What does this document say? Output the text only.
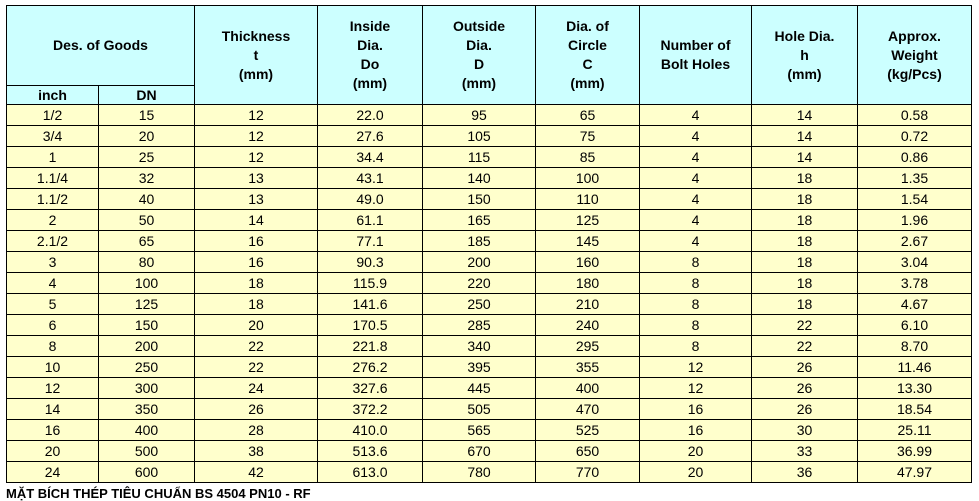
Des. of Goods		Thickness
t
(mm)	Inside
Dia.
Do
(mm)	Outside
Dia.
D
(mm)	Dia. of
Circle
C
(mm)	Number of
Bolt Holes	Hole Dia.
h
(mm)	Approx.
Weight
(kg/Pcs)
inch	DN							
1/2	15	12	22.0	95	65	4	14	0.58
3/4	20	12	27.6	105	75	4	14	0.72
1	25	12	34.4	115	85	4	14	0.86
1.1/4	32	13	43.1	140	100	4	18	1.35
1.1/2	40	13	49.0	150	110	4	18	1.54
2	50	14	61.1	165	125	4	18	1.96
2.1/2	65	16	77.1	185	145	4	18	2.67
3	80	16	90.3	200	160	8	18	3.04
4	100	18	115.9	220	180	8	18	3.78
5	125	18	141.6	250	210	8	18	4.67
6	150	20	170.5	285	240	8	22	6.10
8	200	22	221.8	340	295	8	22	8.70
10	250	22	276.2	395	355	12	26	11.46
12	300	24	327.6	445	400	12	26	13.30
14	350	26	372.2	505	470	16	26	18.54
16	400	28	410.0	565	525	16	30	25.11
20	500	38	513.6	670	650	20	33	36.99
24	600	42	613.0	780	770	20	36	47.97
MẶT BÍCH THÉP TIÊU CHUẨN BS 4504 PN10 - RF
